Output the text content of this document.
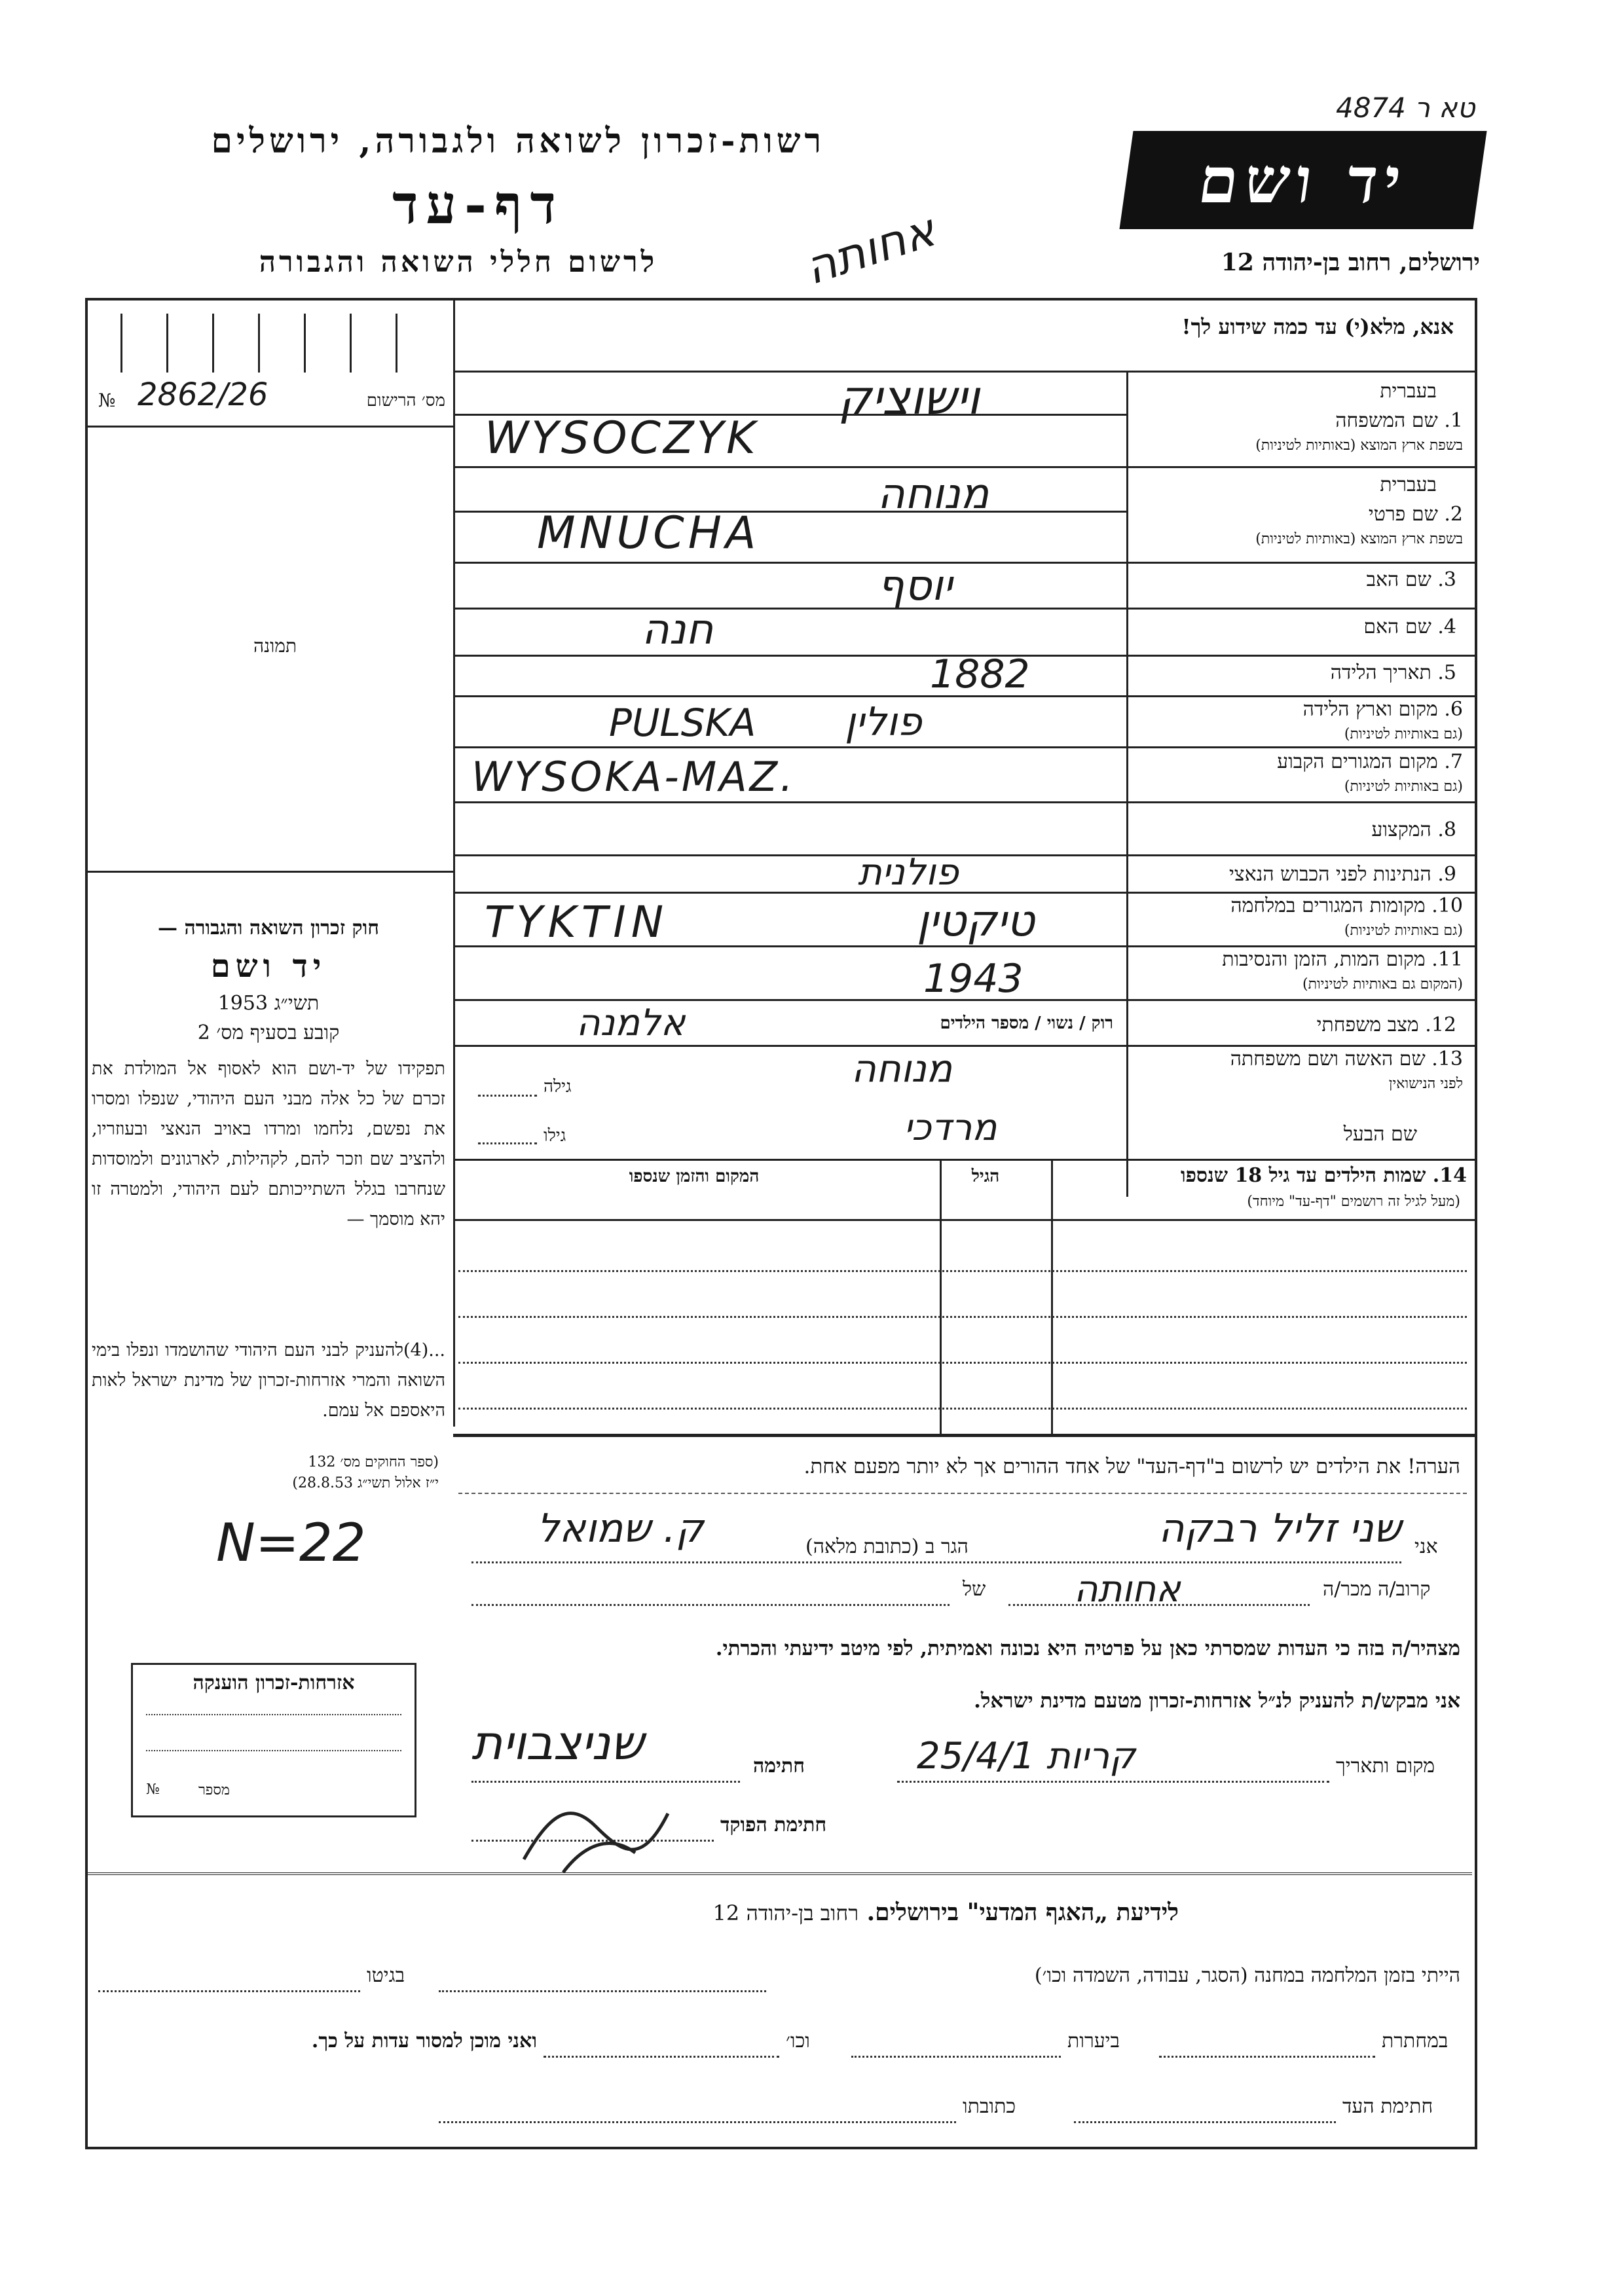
טא ר 4874
רשות-זכרון לשואה ולגבורה, ירושלים
דף-עד
לרשום חללי השואה והגבורה
יד ושם
ירושלים, רחוב בן-יהודה 12
אחותה
אנא, מלא(י) עד כמה שידוע לך!
מס׳ הרישום
№ 2862/26
תמונה
בעברית
1. שם המשפחה
בשפת ארץ המוצא (באותיות לטיניות)
וישוציק
WYSOCZYK
בעברית
2. שם פרטי
בשפת ארץ המוצא (באותיות לטיניות)
מנוחה
MNUCHA
3. שם האב
יוסף
4. שם האם
חנה
5. תאריך הלידה
1882
6. מקום וארץ הלידה
(גם באותיות לטיניות)
PULSKA פולין
7. מקום המגורים הקבוע
(גם באותיות לטיניות)
WYSOKA-MAZ.
8. המקצוע
9. הנתינות לפני הכבוש הנאצי
פולנית
10. מקומות המגורים במלחמה
(גם באותיות לטיניות)
TYKTIN	טיקטין
11. מקום המות, הזמן והנסיבות
(המקום גם באותיות לטיניות)
1943
12. מצב משפחתי
רוק / נשוי / מספר הילדים
אלמנה
13. שם האשה ושם משפחתה
לפני הנישואין
מנוחה
גילה
שם הבעל
מרדכי
גילו
14. שמות הילדים עד גיל 18 שנספו
(מעל לגיל זה רושמים "דף-עד" מיוחד)
הגיל
המקום והזמן שנספו
חוק זכרון השואה והגבורה —
יד ושם
תשי״ג 1953
קובע בסעיף מס׳ 2
תפקידו של יד-ושם הוא לאסוף אל המולדת את זכרם של כל אלה מבני העם היהודי, שנפלו ומסרו את נפשם, נלחמו ומרדו באויב הנאצי ובעוזריו, ולהציב שם וזכר להם, לקהילות, לארגונים ולמוסדות שנחרבו בגלל השתייכותם לעם היהודי, ולמטרה זו יהא מוסמך —
...(4)להעניק לבני העם היהודי שהושמדו ונפלו בימי השואה והמרי אזרחות-זכרון של מדינת ישראל לאות היאספם אל עמם.
(ספר החוקים מס׳ 132
י״ז אלול תשי״ג 28.8.53)
הערה! את הילדים יש לרשום ב"דף-העד" של אחד ההורים אך לא יותר מפעם אחת.
אני
שני זליל רבקה
הגר ב (כתובת מלאה)
ק. שמואל
N=22
קרוב/ה מכר/ה
אחותה
של
מצהיר/ה בזה כי העדות שמסרתי כאן על פרטיה היא נכונה ואמיתית, לפי מיטב ידיעתי והכרתי.
אני מבקש/ת להעניק לנ״ל אזרחות-זכרון מטעם מדינת ישראל.
מקום ותאריך
קריות 25/4/1
חתימה
שניצבוית
חתימת הפוקד
אזרחות-זכרון הוענקה
מספר
№
לידיעת „האגף המדעי" בירושלים. רחוב בן-יהודה 12
הייתי בזמן המלחמה במחנה (הסגר, עבודה, השמדה וכו׳)
בגיטו
במחתרת
ביערות
וכו׳
ואני מוכן למסור עדות על כך.
חתימת העד
כתובתו
